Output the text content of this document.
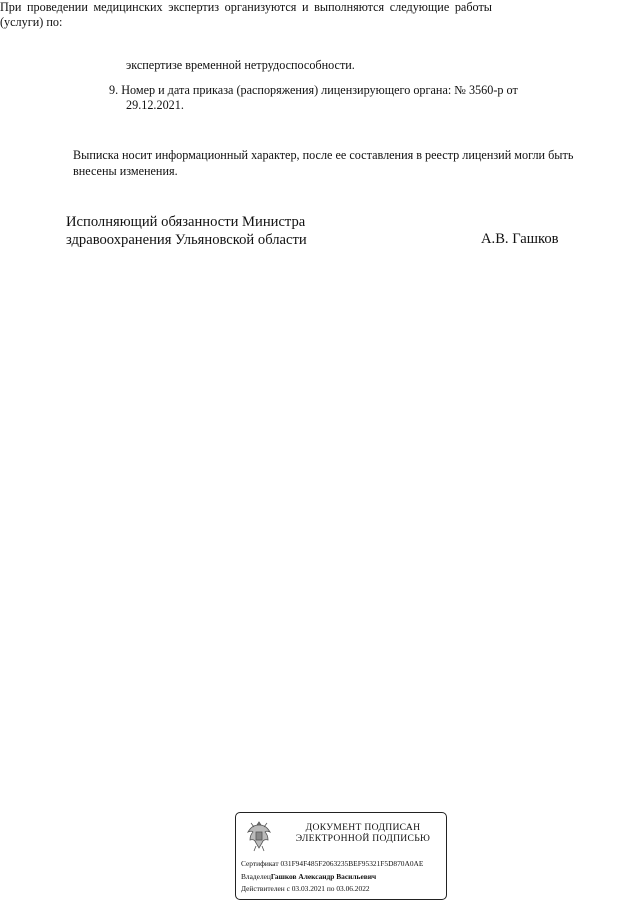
При проведении медицинских экспертиз организуются и выполняются следующие работы (услуги) по:
экспертизе временной нетрудоспособности.
9. Номер и дата приказа (распоряжения) лицензирующего органа: № 3560-р от
29.12.2021.
Выписка носит информационный характер, после ее составления в реестр лицензий могли быть внесены изменения.
Исполняющий обязанности Министра
здравоохранения Ульяновской области	А.В. Гашков
ДОКУМЕНТ ПОДПИСАН
ЭЛЕКТРОННОЙ ПОДПИСЬЮ
Сертификат 031F94F485F2063235BEF95321F5D870A0AE
ВладелецГашков Александр Васильевич
Действителен с 03.03.2021 по 03.06.2022
